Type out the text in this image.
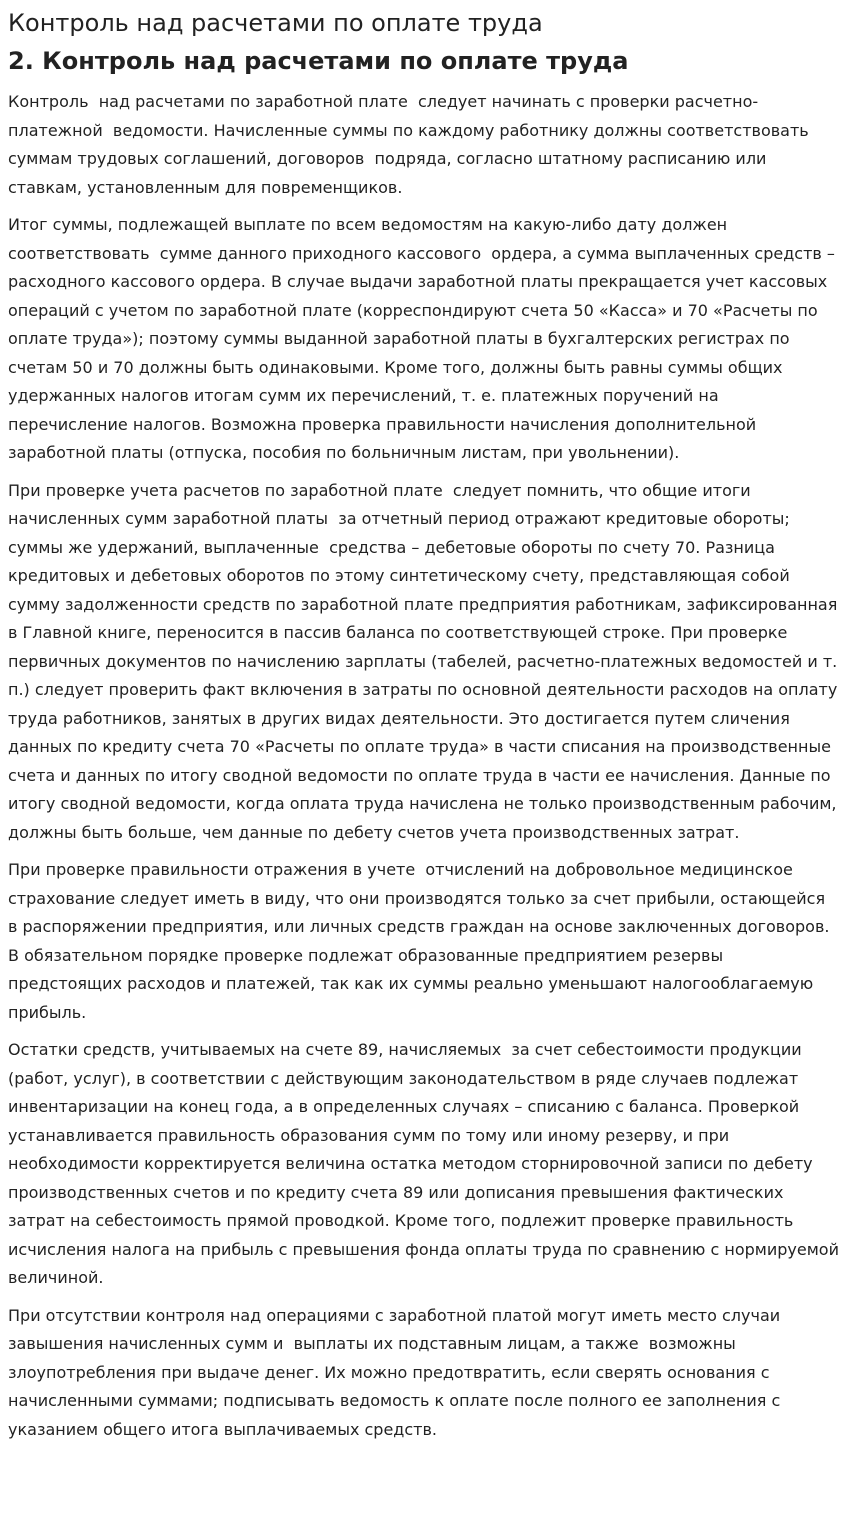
Контроль над расчетами по оплате труда
2. Контроль над расчетами по оплате труда

Контроль  над расчетами по заработной плате  следует начинать с проверки расчетно-платежной  ведомости. Начисленные суммы по каждому работнику должны соответствовать суммам трудовых соглашений, договоров  подряда, согласно штатному расписанию или ставкам, установленным для повременщиков.

Итог суммы, подлежащей выплате по всем ведомостям на какую-либо дату должен соответствовать  сумме данного приходного кассового  ордера, а сумма выплаченных средств – расходного кассового ордера. В случае выдачи заработной платы прекращается учет кассовых операций с учетом по заработной плате (корреспондируют счета 50 «Касса» и 70 «Расчеты по оплате труда»); поэтому суммы выданной заработной платы в бухгалтерских регистрах по счетам 50 и 70 должны быть одинаковыми. Кроме того, должны быть равны суммы общих удержанных налогов итогам сумм их перечислений, т. е. платежных поручений на перечисление налогов. Возможна проверка правильности начисления дополнительной заработной платы (отпуска, пособия по больничным листам, при увольнении).

При проверке учета расчетов по заработной плате  следует помнить, что общие итоги начисленных сумм заработной платы  за отчетный период отражают кредитовые обороты; суммы же удержаний, выплаченные  средства – дебетовые обороты по счету 70. Разница кредитовых и дебетовых оборотов по этому синтетическому счету, представляющая собой сумму задолженности средств по заработной плате предприятия работникам, зафиксированная в Главной книге, переносится в пассив баланса по соответствующей строке. При проверке первичных документов по начислению зарплаты (табелей, расчетно-платежных ведомостей и т. п.) следует проверить факт включения в затраты по основной деятельности расходов на оплату труда работников, занятых в других видах деятельности. Это достигается путем сличения данных по кредиту счета 70 «Расчеты по оплате труда» в части списания на производственные счета и данных по итогу сводной ведомости по оплате труда в части ее начисления. Данные по итогу сводной ведомости, когда оплата труда начислена не только производственным рабочим, должны быть больше, чем данные по дебету счетов учета производственных затрат.

При проверке правильности отражения в учете  отчислений на добровольное медицинское страхование следует иметь в виду, что они производятся только за счет прибыли, остающейся в распоряжении предприятия, или личных средств граждан на основе заключенных договоров. В обязательном порядке проверке подлежат образованные предприятием резервы предстоящих расходов и платежей, так как их суммы реально уменьшают налогооблагаемую прибыль.

Остатки средств, учитываемых на счете 89, начисляемых  за счет себестоимости продукции (работ, услуг), в соответствии с действующим законодательством в ряде случаев подлежат инвентаризации на конец года, а в определенных случаях – списанию с баланса. Проверкой устанавливается правильность образования сумм по тому или иному резерву, и при необходимости корректируется величина остатка методом сторнировочной записи по дебету производственных счетов и по кредиту счета 89 или дописания превышения фактических затрат на себестоимость прямой проводкой. Кроме того, подлежит проверке правильность исчисления налога на прибыль с превышения фонда оплаты труда по сравнению с нормируемой величиной.

При отсутствии контроля над операциями с заработной платой могут иметь место случаи завышения начисленных сумм и  выплаты их подставным лицам, а также  возможны злоупотребления при выдаче денег. Их можно предотвратить, если сверять основания с начисленными суммами; подписывать ведомость к оплате после полного ее заполнения с указанием общего итога выплачиваемых средств.
